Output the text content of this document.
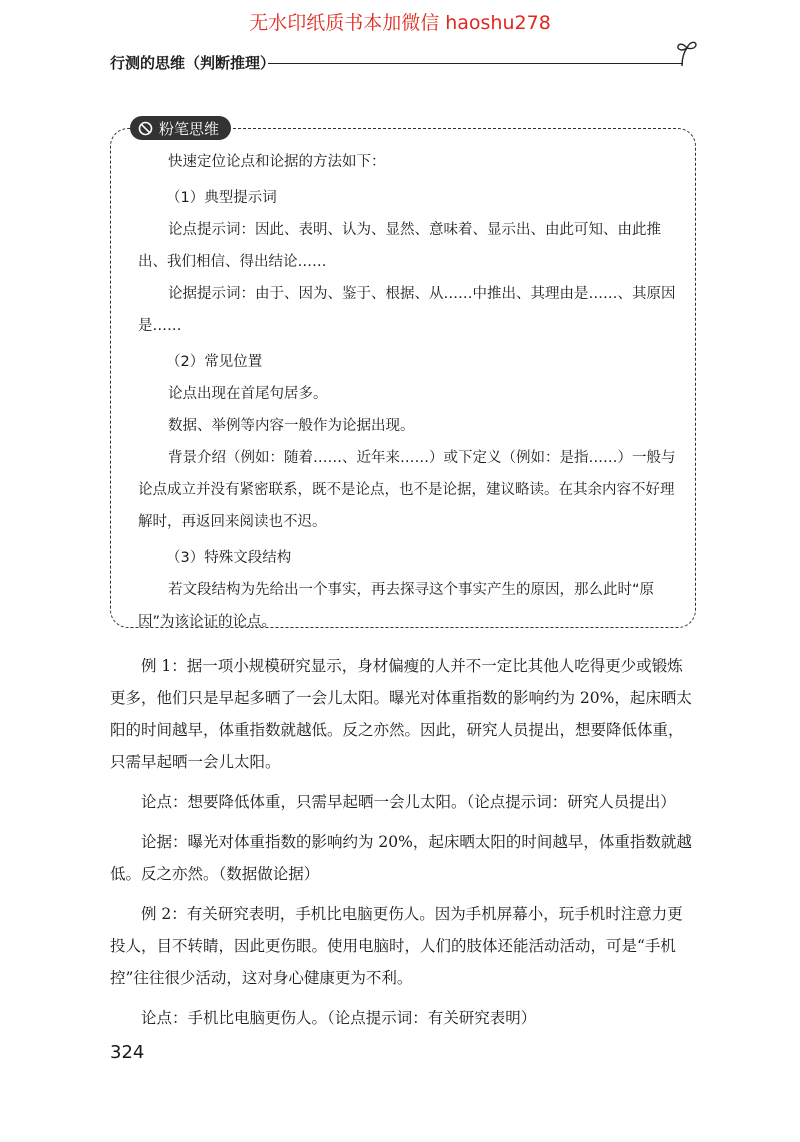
无水印纸质书本加微信 haoshu278
行测的思维（判断推理）
粉笔思维

快速定位论点和论据的方法如下：

（1）典型提示词

论点提示词：因此、表明、认为、显然、意味着、显示出、由此可知、由此推出、我们相信、得出结论……

论据提示词：由于、因为、鉴于、根据、从……中推出、其理由是……、其原因是……

（2）常见位置

论点出现在首尾句居多。

数据、举例等内容一般作为论据出现。

背景介绍（例如：随着……、近年来……）或下定义（例如：是指……）一般与论点成立并没有紧密联系，既不是论点，也不是论据，建议略读。在其余内容不好理解时，再返回来阅读也不迟。

（3）特殊文段结构

若文段结构为先给出一个事实，再去探寻这个事实产生的原因，那么此时“原因”为该论证的论点。

例 1：据一项小规模研究显示，身材偏瘦的人并不一定比其他人吃得更少或锻炼更多，他们只是早起多晒了一会儿太阳。曝光对体重指数的影响约为 20%，起床晒太阳的时间越早，体重指数就越低。反之亦然。因此，研究人员提出，想要降低体重，只需早起晒一会儿太阳。

论点：想要降低体重，只需早起晒一会儿太阳。（论点提示词：研究人员提出）

论据：曝光对体重指数的影响约为 20%，起床晒太阳的时间越早，体重指数就越低。反之亦然。（数据做论据）

例 2：有关研究表明，手机比电脑更伤人。因为手机屏幕小，玩手机时注意力更投人，目不转睛，因此更伤眼。使用电脑时，人们的肢体还能活动活动，可是“手机控”往往很少活动，这对身心健康更为不利。

论点：手机比电脑更伤人。（论点提示词：有关研究表明）

324
